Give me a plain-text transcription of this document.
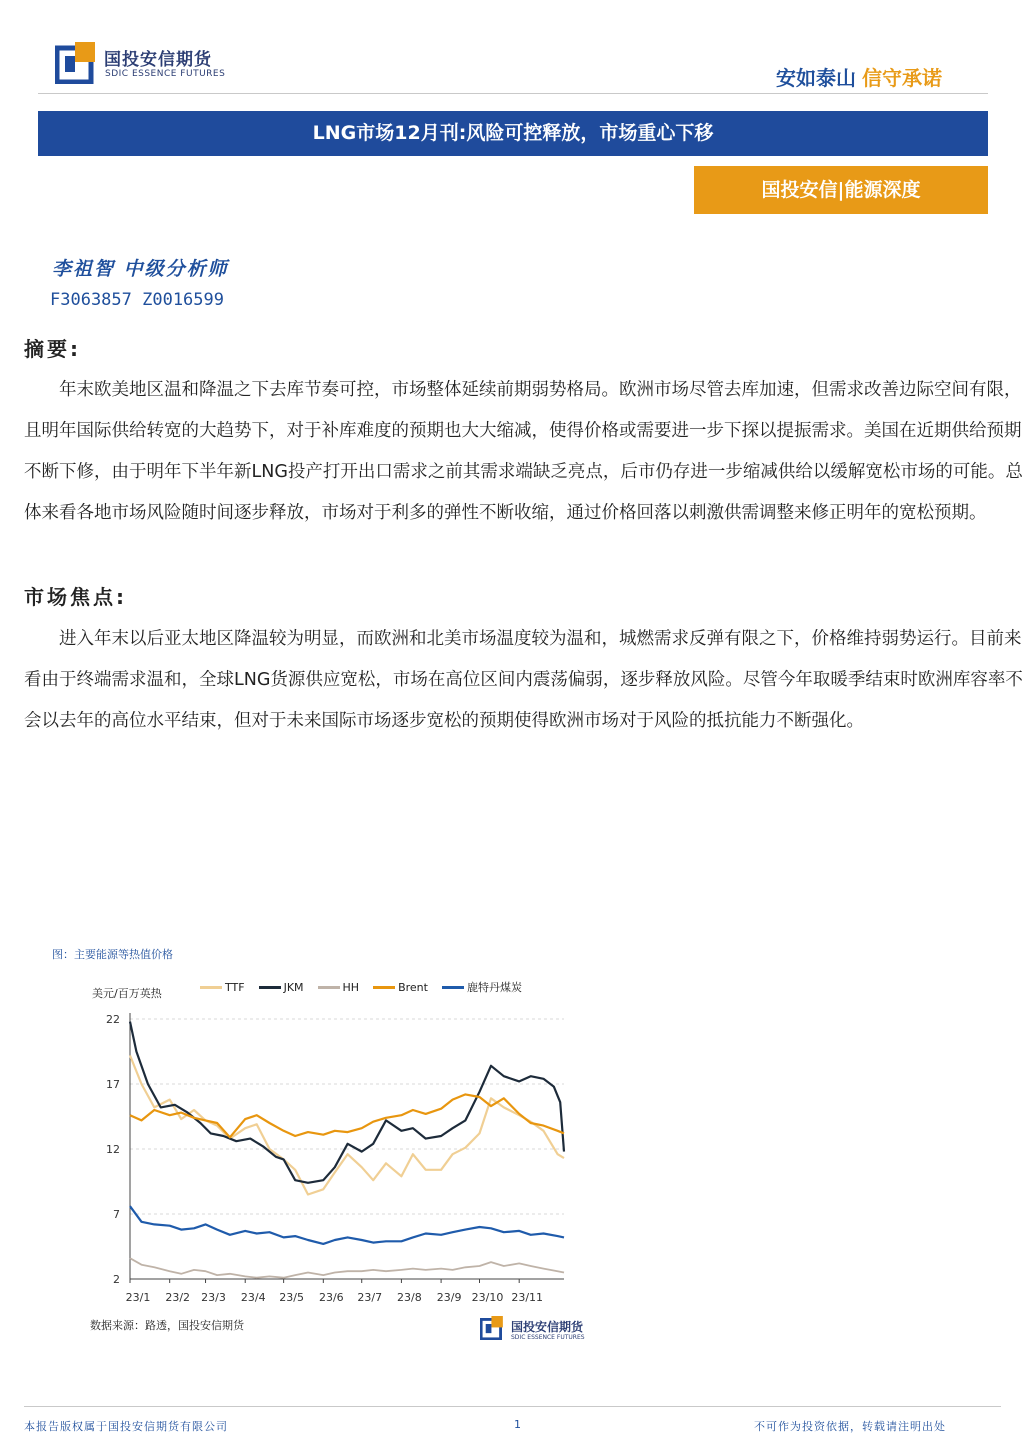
国投安信期货
SDIC ESSENCE FUTURES	安如泰山 信守承诺
LNG市场12月刊:风险可控释放，市场重心下移
国投安信|能源深度
李祖智 中级分析师
F3063857 Z0016599
摘要:
年末欧美地区温和降温之下去库节奏可控，市场整体延续前期弱势格局。欧洲市场尽管去库加速，但需求改善边际空间有限，且明年国际供给转宽的大趋势下，对于补库难度的预期也大大缩减，使得价格或需要进一步下探以提振需求。美国在近期供给预期不断下修，由于明年下半年新LNG投产打开出口需求之前其需求端缺乏亮点，后市仍存进一步缩减供给以缓解宽松市场的可能。总体来看各地市场风险随时间逐步释放，市场对于利多的弹性不断收缩，通过价格回落以刺激供需调整来修正明年的宽松预期。
市场焦点:
进入年末以后亚太地区降温较为明显，而欧洲和北美市场温度较为温和，城燃需求反弹有限之下，价格维持弱势运行。目前来看由于终端需求温和，全球LNG货源供应宽松，市场在高位区间内震荡偏弱，逐步释放风险。尽管今年取暖季结束时欧洲库容率不会以去年的高位水平结束，但对于未来国际市场逐步宽松的预期使得欧洲市场对于风险的抵抗能力不断强化。
图：主要能源等热值价格
美元/百万英热	TTF	JKM	HH	Brent	鹿特丹煤炭
2
7
12
17
22
23/1 23/2 23/3 23/4 23/5 23/6 23/7 23/8 23/9 23/10 23/11
数据来源：路透，国投安信期货	国投安信期货
SDIC ESSENCE FUTURES
本报告版权属于国投安信期货有限公司	1	不可作为投资依据，转载请注明出处
